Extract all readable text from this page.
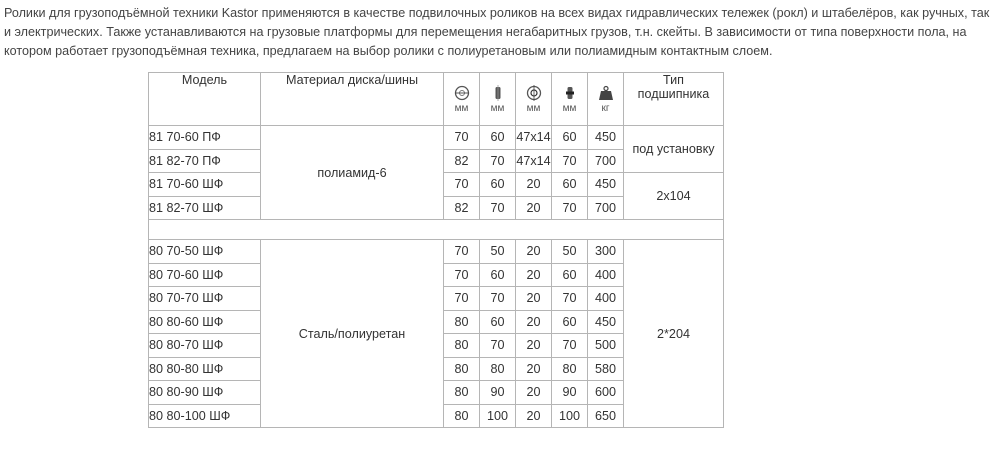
Ролики для грузоподъёмной техники Kastor применяются в качестве подвилочных роликов на всех видах гидравлических тележек (рокл) и штабелёров, как ручных, так и электрических. Также устанавливаются на грузовые платформы для перемещения негабаритных грузов, т.н. скейты. В зависимости от типа поверхности пола, на котором работает грузоподъёмная техника, предлагаем на выбор ролики с полиуретановым или полиамидным контактным слоем.

Модель	Материал диска/шины	мм	мм	мм	мм	кг	Тип
подшипника
81 70-60 ПФ	полиамид-6	70	60	47х14	60	450	под установку
81 82-70 ПФ		82	70	47х14	70	700	
81 70-60 ШФ		70	60	20	60	450	2х104
81 82-70 ШФ		82	70	20	70	700	

80 70-50 ШФ	Сталь/полиуретан	70	50	20	50	300	2*204
80 70-60 ШФ		70	60	20	60	400	
80 70-70 ШФ		70	70	20	70	400	
80 80-60 ШФ		80	60	20	60	450	
80 80-70 ШФ		80	70	20	70	500	
80 80-80 ШФ		80	80	20	80	580	
80 80-90 ШФ		80	90	20	90	600	
80 80-100 ШФ		80	100	20	100	650	
